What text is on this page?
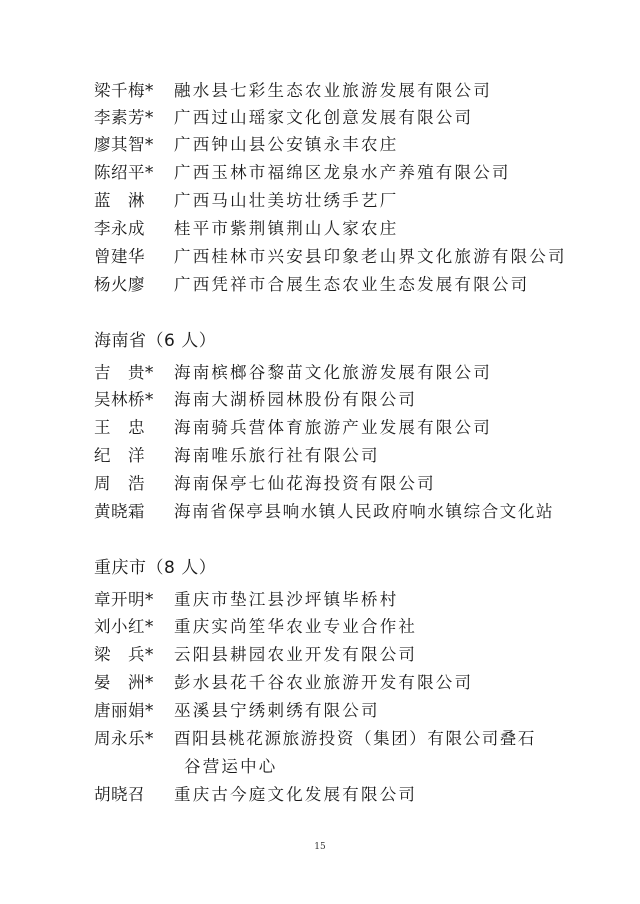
梁千梅*	融水县七彩生态农业旅游发展有限公司
李素芳*	广西过山瑶家文化创意发展有限公司
廖其智*	广西钟山县公安镇永丰农庄
陈绍平*	广西玉林市福绵区龙泉水产养殖有限公司
蓝　淋	广西马山壮美坊壮绣手艺厂
李永成	桂平市紫荆镇荆山人家农庄
曾建华	广西桂林市兴安县印象老山界文化旅游有限公司
杨火廖	广西凭祥市合展生态农业生态发展有限公司
海南省（6 人）
吉　贵*	海南槟榔谷黎苗文化旅游发展有限公司
吴林桥*	海南大湖桥园林股份有限公司
王　忠	海南骑兵营体育旅游产业发展有限公司
纪　洋	海南唯乐旅行社有限公司
周　浩	海南保亭七仙花海投资有限公司
黄晓霜	海南省保亭县响水镇人民政府响水镇综合文化站
重庆市（8 人）
章开明*	重庆市垫江县沙坪镇毕桥村
刘小红*	重庆实尚笙华农业专业合作社
梁　兵*	云阳县耕园农业开发有限公司
晏　洲*	彭水县花千谷农业旅游开发有限公司
唐丽娟*	巫溪县宁绣刺绣有限公司
周永乐*	酉阳县桃花源旅游投资（集团）有限公司叠石
谷营运中心
胡晓召	重庆古今庭文化发展有限公司
15
